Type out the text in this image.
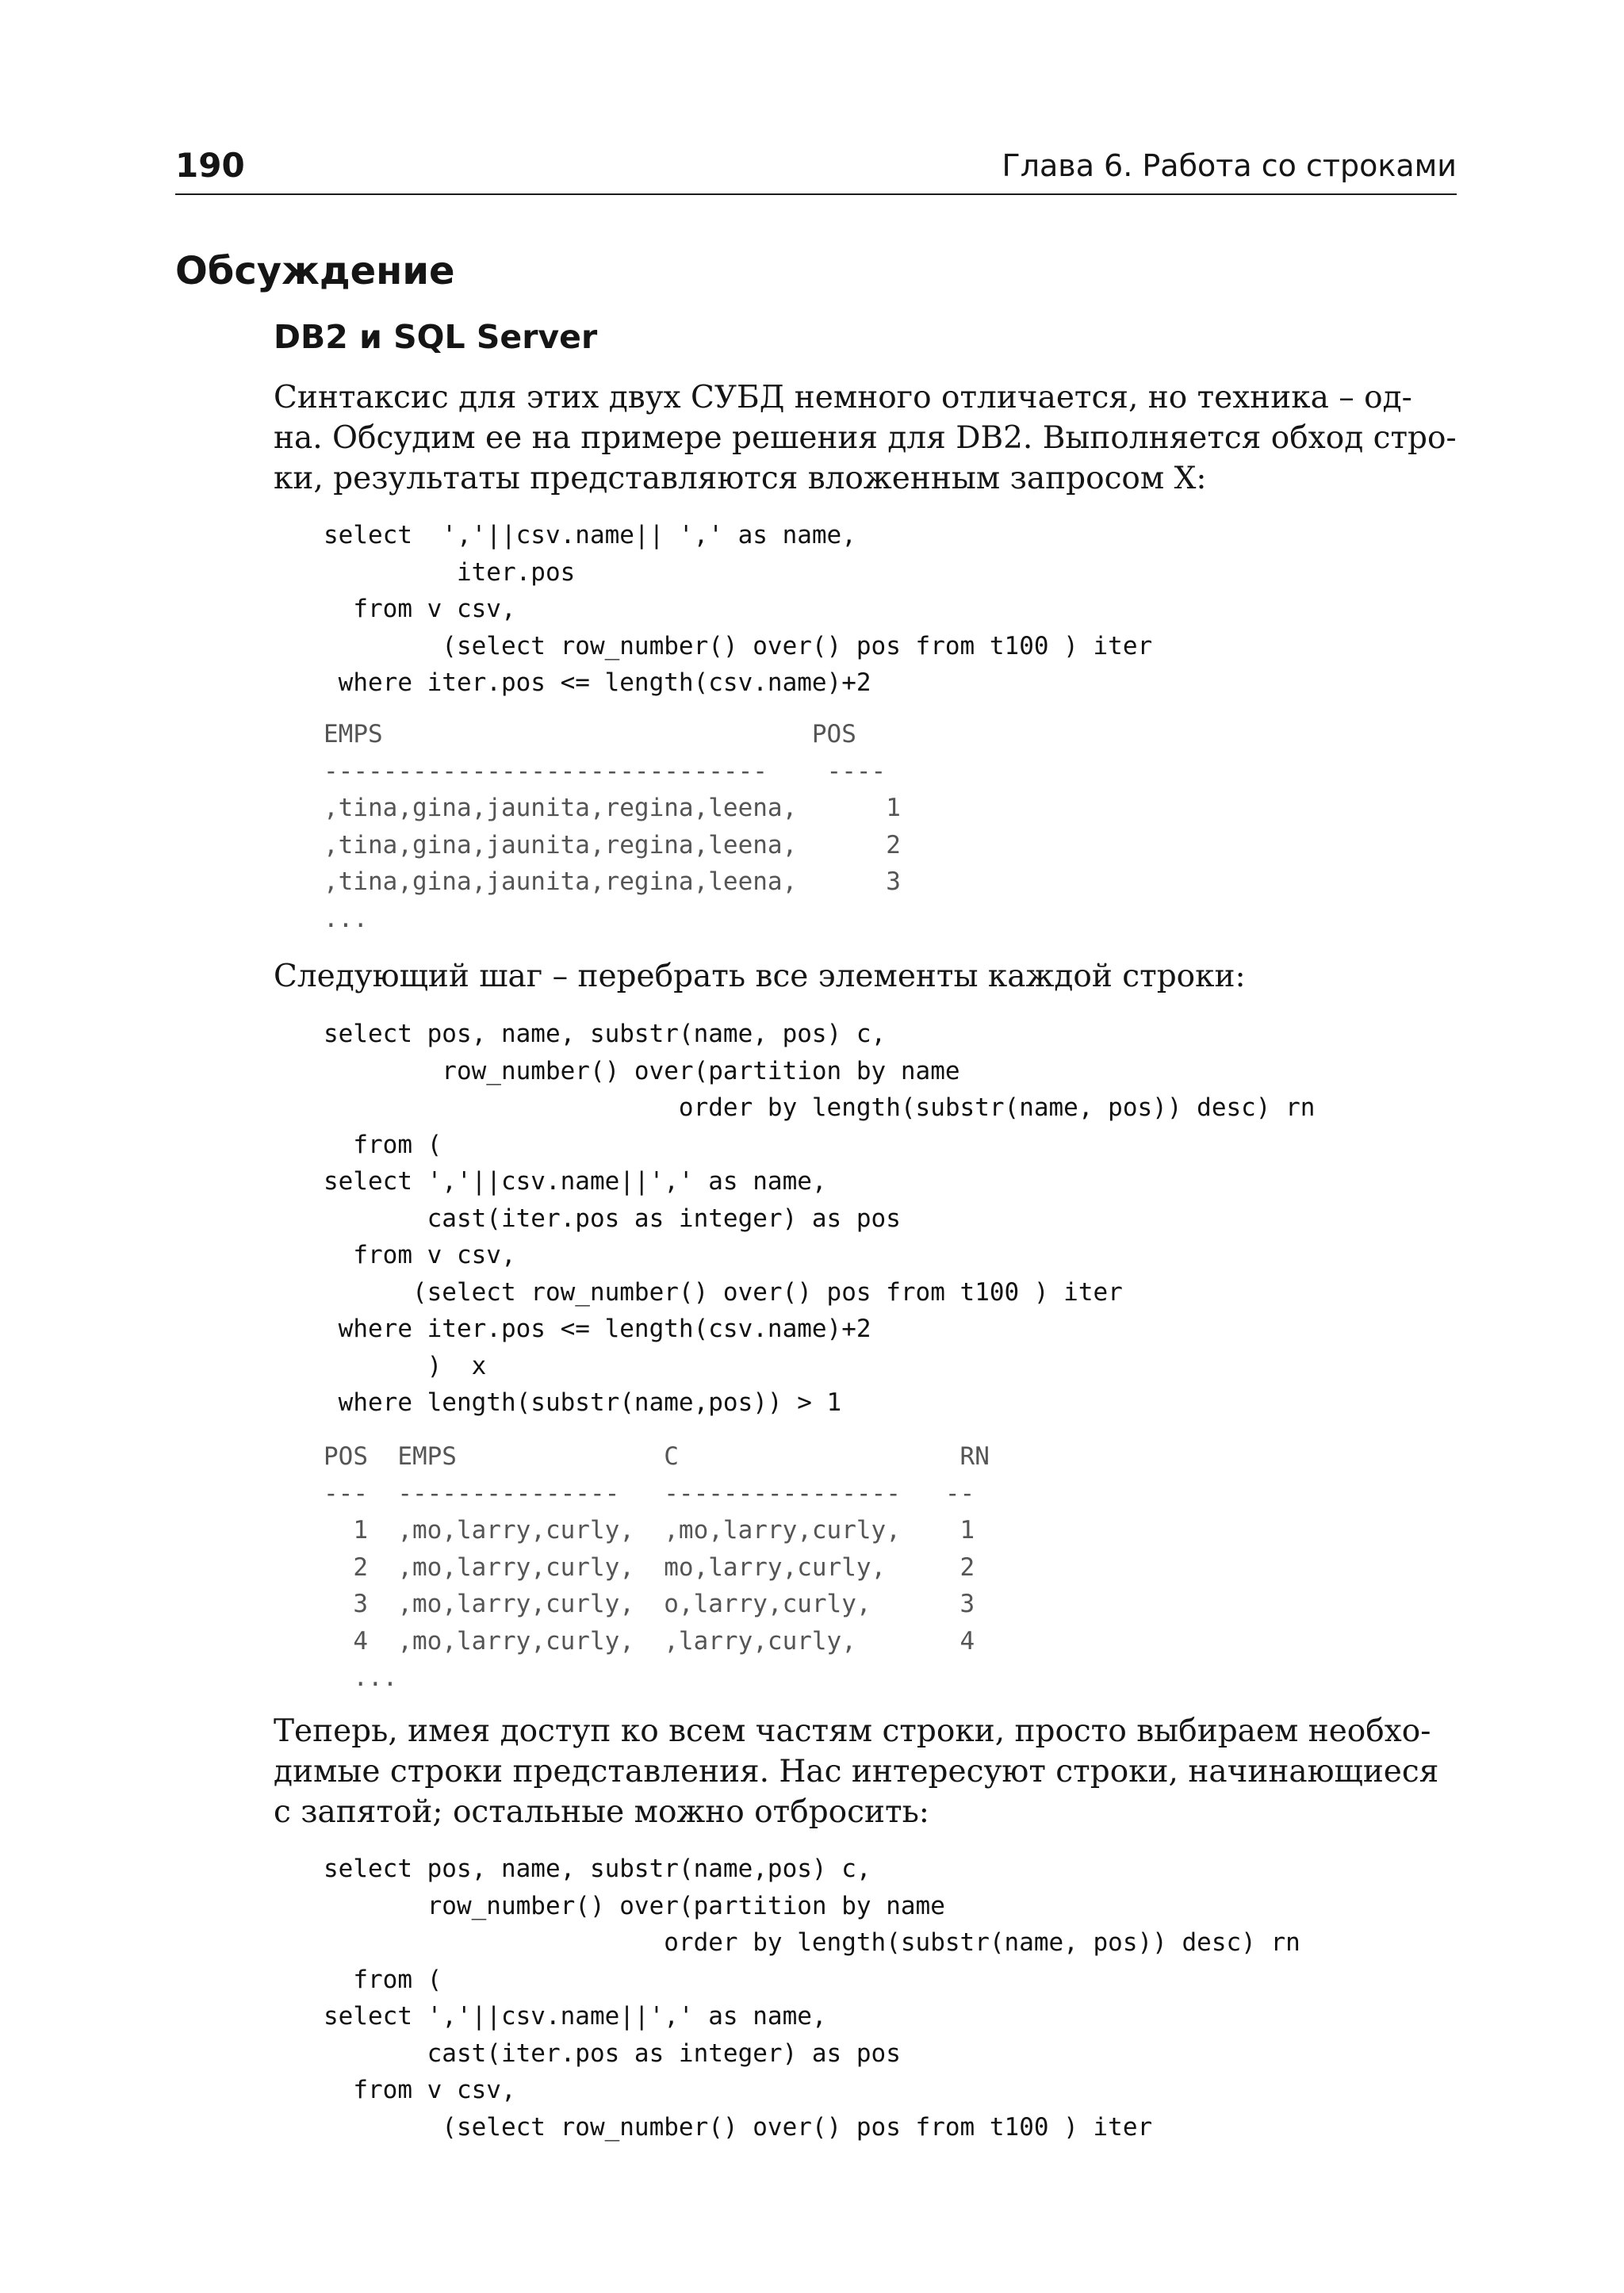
190	Глава 6. Работа со строками
Обсуждение
DB2 и SQL Server
Синтаксис для этих двух СУБД немного отличается, но техника – од-
на. Обсудим ее на примере решения для DB2. Выполняется обход стро-
ки, результаты представляются вложенным запросом X:
select  ','||csv.name|| ',' as name,
iter.pos
from v csv,
(select row_number() over() pos from t100 ) iter
where iter.pos <= length(csv.name)+2
EMPS                             POS
------------------------------    ----
,tina,gina,jaunita,regina,leena,      1
,tina,gina,jaunita,regina,leena,      2
,tina,gina,jaunita,regina,leena,      3
...
Следующий шаг – перебрать все элементы каждой строки:
select pos, name, substr(name, pos) c,
row_number() over(partition by name
order by length(substr(name, pos)) desc) rn
from (
select ','||csv.name||',' as name,
cast(iter.pos as integer) as pos
from v csv,
(select row_number() over() pos from t100 ) iter
where iter.pos <= length(csv.name)+2
)  x
where length(substr(name,pos)) > 1
POS  EMPS              C                   RN
---  ---------------   ----------------   --
1  ,mo,larry,curly,  ,mo,larry,curly,    1
2  ,mo,larry,curly,  mo,larry,curly,     2
3  ,mo,larry,curly,  o,larry,curly,      3
4  ,mo,larry,curly,  ,larry,curly,       4
...
Теперь, имея доступ ко всем частям строки, просто выбираем необхо-
димые строки представления. Нас интересуют строки, начинающиеся
с запятой; остальные можно отбросить:
select pos, name, substr(name,pos) c,
row_number() over(partition by name
order by length(substr(name, pos)) desc) rn
from (
select ','||csv.name||',' as name,
cast(iter.pos as integer) as pos
from v csv,
(select row_number() over() pos from t100 ) iter
